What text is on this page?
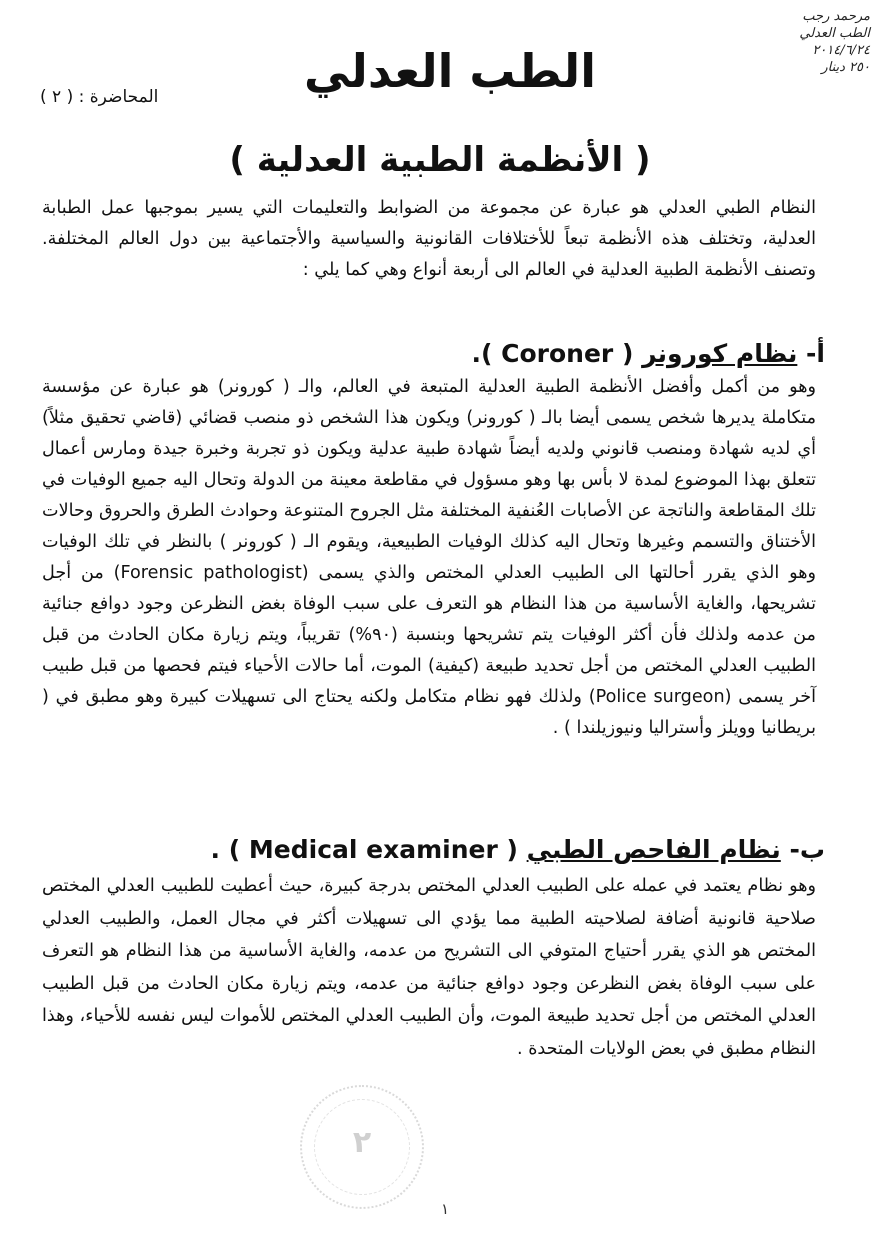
مرحمد رجب
الطب العدلي
٢٠١٤/٦/٢٤
٢٥٠ دينار
الطب العدلي
المحاضرة : ( ٢ )
( الأنظمة الطبية العدلية )
النظام الطبي العدلي هو عبارة عن مجموعة من الضوابط والتعليمات التي يسير بموجبها عمل الطبابة العدلية، وتختلف هذه الأنظمة تبعاً للأختلافات القانونية والسياسية والأجتماعية بين دول العالم المختلفة. وتصنف الأنظمة الطبية العدلية في العالم الى أربعة أنواع وهي كما يلي :
أ- نظام كورونر ( Coroner ).
وهو من أكمل وأفضل الأنظمة الطبية العدلية المتبعة في العالم، والـ ( كورونر) هو عبارة عن مؤسسة متكاملة يديرها شخص يسمى أيضا بالـ ( كورونر) ويكون هذا الشخص ذو منصب قضائي (قاضي تحقيق مثلاً) أي لديه شهادة ومنصب قانوني ولديه أيضاً شهادة طبية عدلية ويكون ذو تجربة وخبرة جيدة ومارس أعمال تتعلق بهذا الموضوع لمدة لا بأس بها وهو مسؤول في مقاطعة معينة من الدولة وتحال اليه جميع الوفيات في تلك المقاطعة والناتجة عن الأصابات العُنفية المختلفة مثل الجروح المتنوعة وحوادث الطرق والحروق وحالات الأختناق والتسمم وغيرها وتحال اليه كذلك الوفيات الطبيعية، ويقوم الـ ( كورونر ) بالنظر في تلك الوفيات وهو الذي يقرر أحالتها الى الطبيب العدلي المختص والذي يسمى (Forensic pathologist) من أجل تشريحها، والغاية الأساسية من هذا النظام هو التعرف على سبب الوفاة بغض النظرعن وجود دوافع جنائية من عدمه ولذلك فأن أكثر الوفيات يتم تشريحها وبنسبة (٩٠%) تقريباً، ويتم زيارة مكان الحادث من قبل الطبيب العدلي المختص من أجل تحديد طبيعة (كيفية) الموت، أما حالات الأحياء فيتم فحصها من قبل طبيب آخر يسمى (Police surgeon) ولذلك فهو نظام متكامل ولكنه يحتاج الى تسهيلات كبيرة وهو مطبق في ( بريطانيا وويلز وأستراليا ونيوزيلندا ) .
ب- نظام الفاحص الطبي ( Medical examiner ) .
وهو نظام يعتمد في عمله على الطبيب العدلي المختص بدرجة كبيرة، حيث أعطيت للطبيب العدلي المختص صلاحية قانونية أضافة لصلاحيته الطبية مما يؤدي الى تسهيلات أكثر في مجال العمل، والطبيب العدلي المختص هو الذي يقرر أحتياج المتوفي الى التشريح من عدمه، والغاية الأساسية من هذا النظام هو التعرف على سبب الوفاة بغض النظرعن وجود دوافع جنائية من عدمه، ويتم زيارة مكان الحادث من قبل الطبيب العدلي المختص من أجل تحديد طبيعة الموت، وأن الطبيب العدلي المختص للأموات ليس نفسه للأحياء، وهذا النظام مطبق في بعض الولايات المتحدة .
٢
١
